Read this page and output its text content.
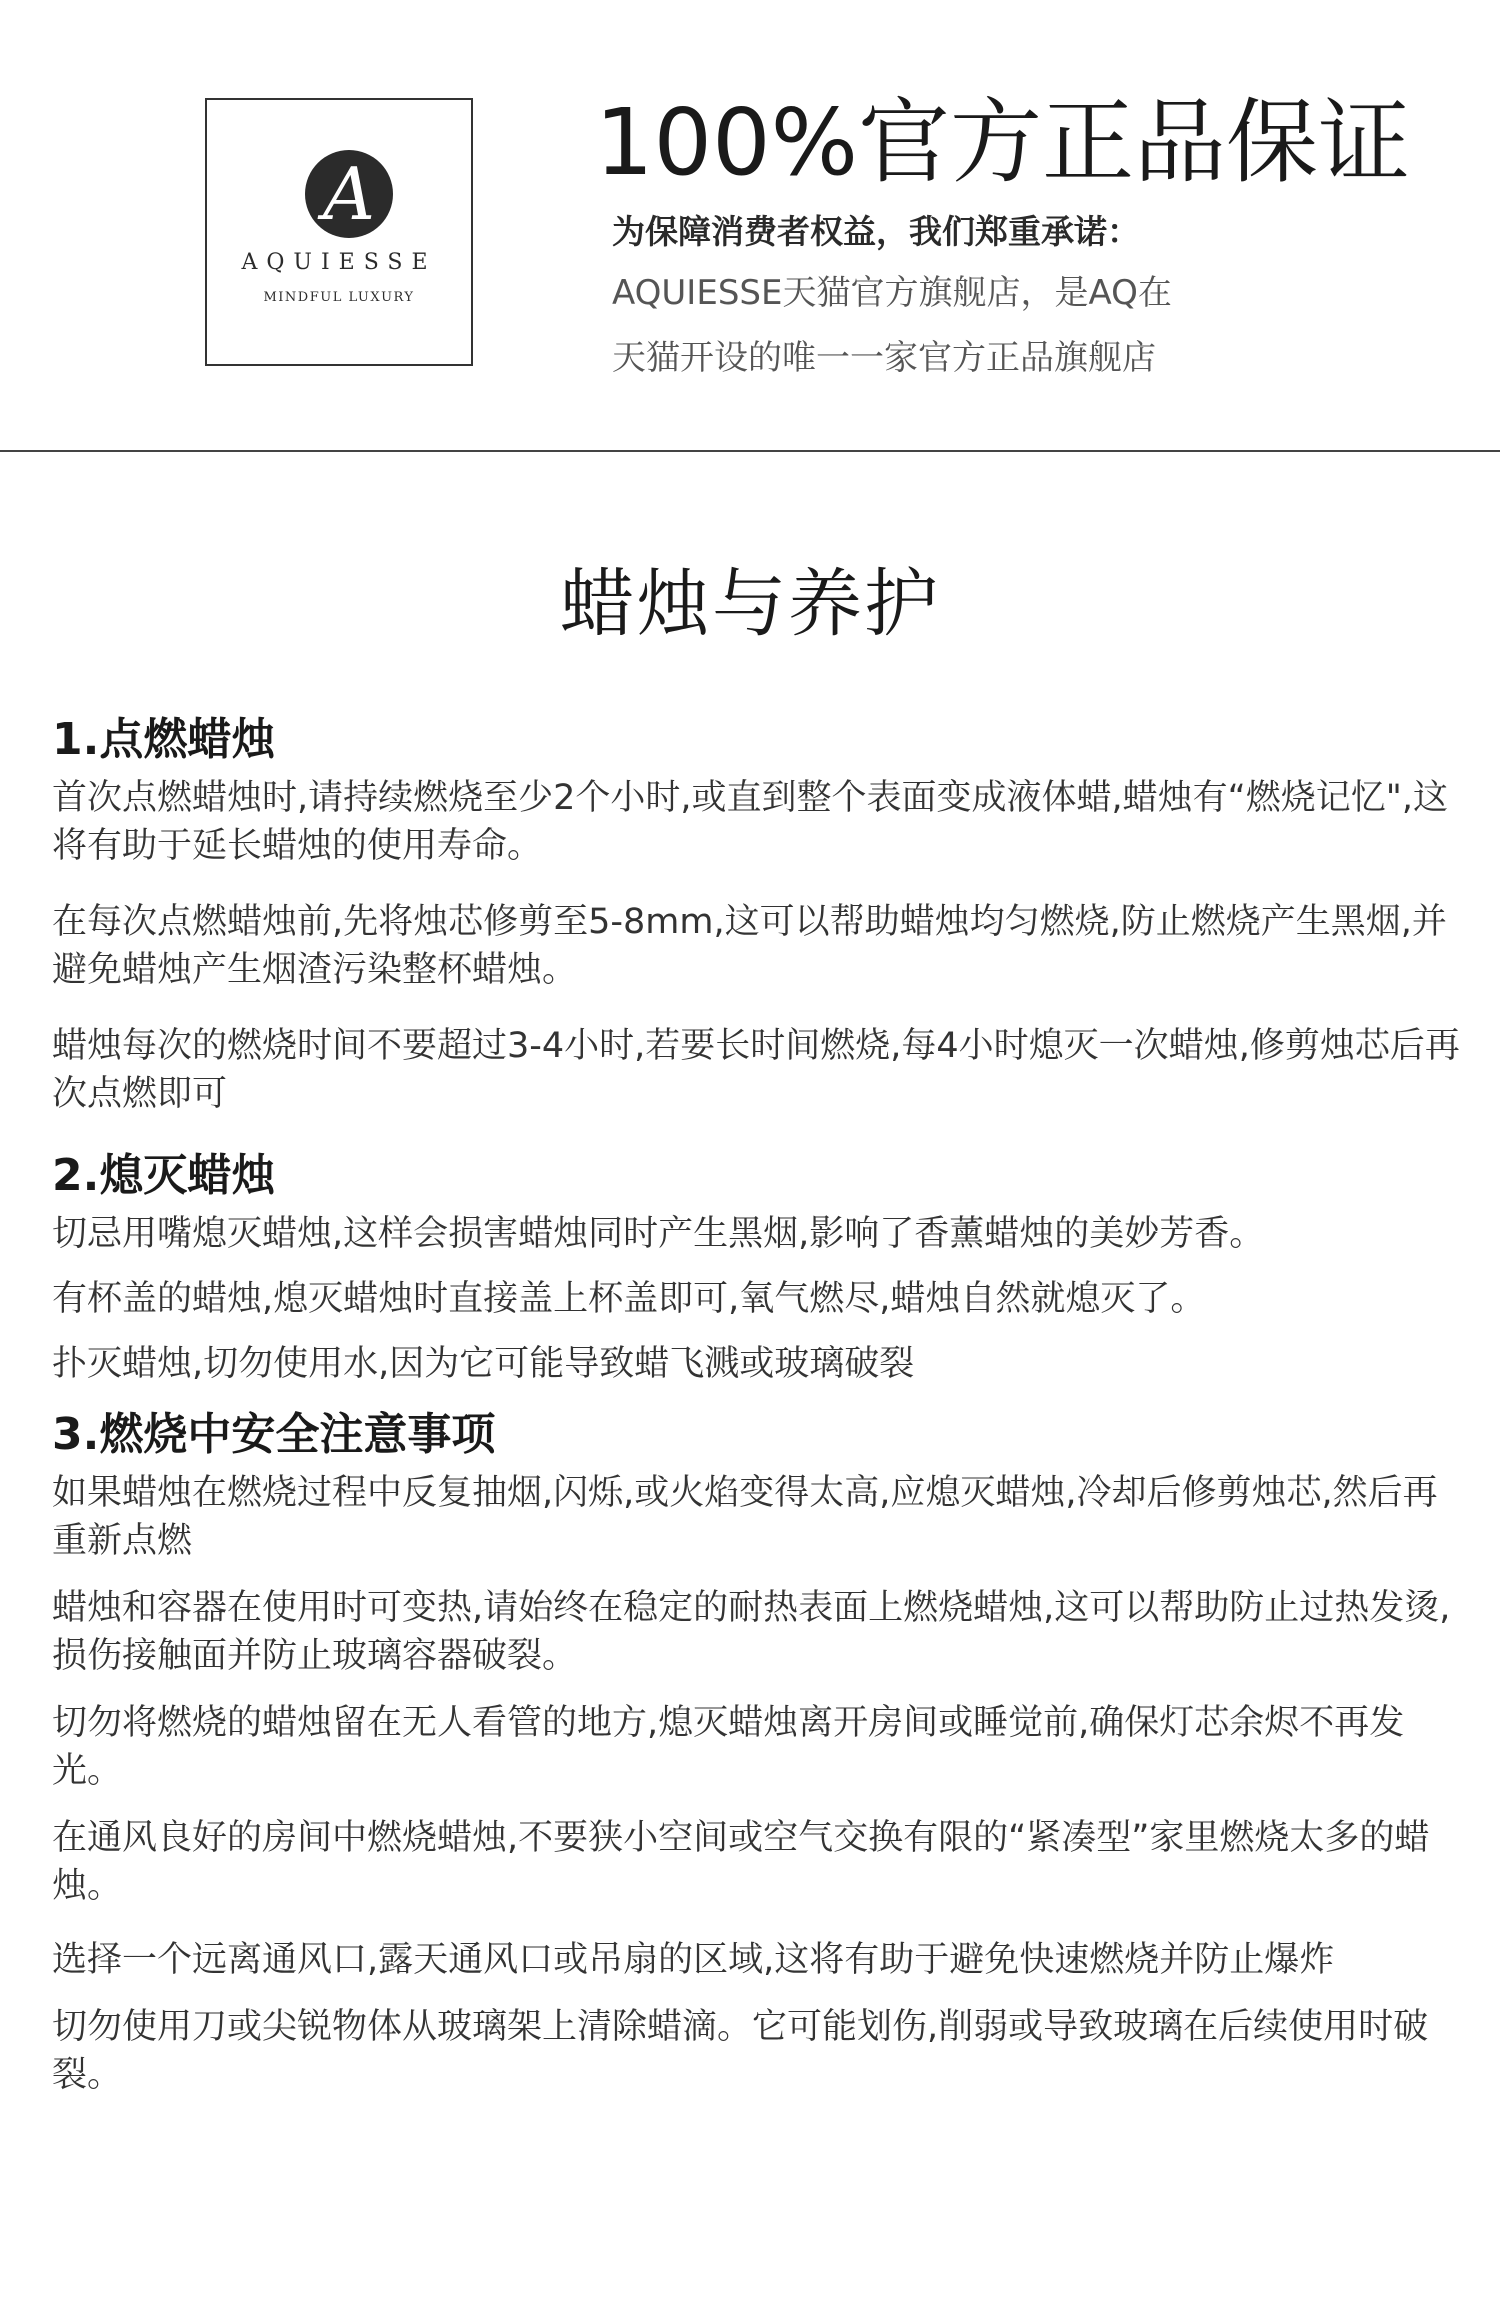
A
AQUIESSE
MINDFUL LUXURY
100%官方正品保证
为保障消费者权益，我们郑重承诺：
AQUIESSE天猫官方旗舰店，是AQ在
天猫开设的唯一一家官方正品旗舰店
蜡烛与养护
1.点燃蜡烛

首次点燃蜡烛时,请持续燃烧至少2个小时,或直到整个表面变成液体蜡,蜡烛有“燃烧记忆",这将有助于延长蜡烛的使用寿命。

在每次点燃蜡烛前,先将烛芯修剪至5-8mm,这可以帮助蜡烛均匀燃烧,防止燃烧产生黑烟,并避免蜡烛产生烟渣污染整杯蜡烛。

蜡烛每次的燃烧时间不要超过3-4小时,若要长时间燃烧,每4小时熄灭一次蜡烛,修剪烛芯后再次点燃即可

2.熄灭蜡烛

切忌用嘴熄灭蜡烛,这样会损害蜡烛同时产生黑烟,影响了香薰蜡烛的美妙芳香。

有杯盖的蜡烛,熄灭蜡烛时直接盖上杯盖即可,氧气燃尽,蜡烛自然就熄灭了。

扑灭蜡烛,切勿使用水,因为它可能导致蜡飞溅或玻璃破裂

3.燃烧中安全注意事项

如果蜡烛在燃烧过程中反复抽烟,闪烁,或火焰变得太高,应熄灭蜡烛,冷却后修剪烛芯,然后再重新点燃

蜡烛和容器在使用时可变热,请始终在稳定的耐热表面上燃烧蜡烛,这可以帮助防止过热发烫,损伤接触面并防止玻璃容器破裂。

切勿将燃烧的蜡烛留在无人看管的地方,熄灭蜡烛离开房间或睡觉前,确保灯芯余烬不再发光。

在通风良好的房间中燃烧蜡烛,不要狭小空间或空气交换有限的“紧凑型”家里燃烧太多的蜡烛。

选择一个远离通风口,露天通风口或吊扇的区域,这将有助于避免快速燃烧并防止爆炸

切勿使用刀或尖锐物体从玻璃架上清除蜡滴。它可能划伤,削弱或导致玻璃在后续使用时破裂。
